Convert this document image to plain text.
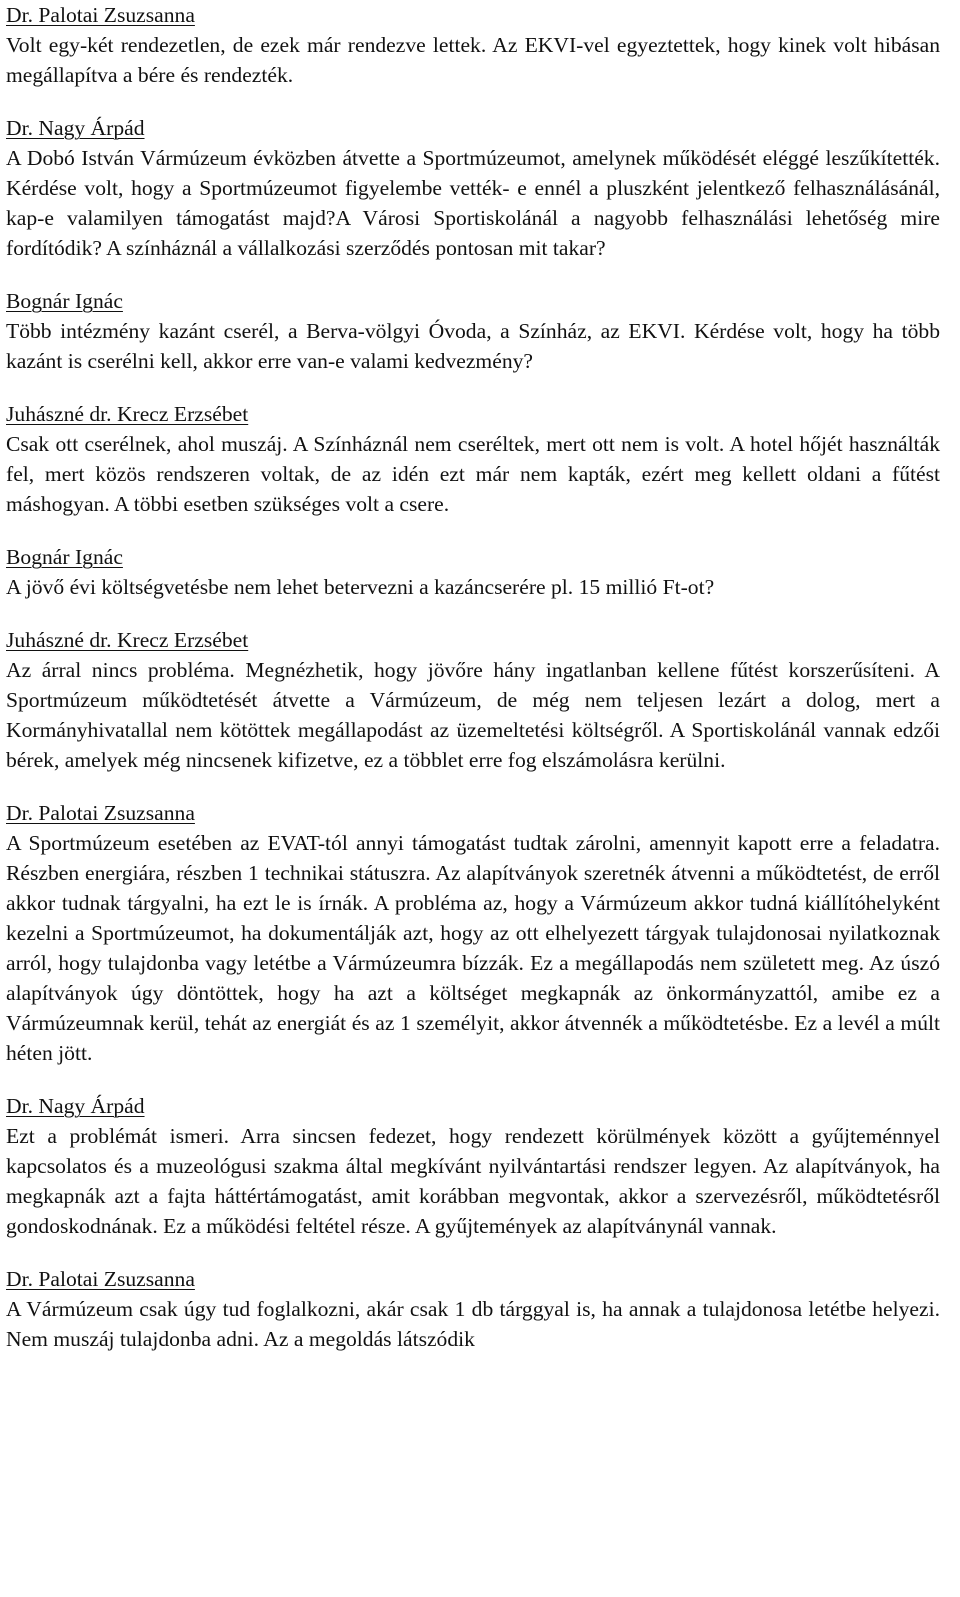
Dr. Palotai Zsuzsanna
Volt egy-két rendezetlen, de ezek már rendezve lettek. Az EKVI-vel egyeztettek, hogy kinek volt hibásan megállapítva a bére és rendezték.
Dr. Nagy Árpád
A Dobó István Vármúzeum évközben átvette a Sportmúzeumot, amelynek működését eléggé leszűkítették. Kérdése volt, hogy a Sportmúzeumot figyelembe vették- e ennél a pluszként jelentkező felhasználásánál, kap-e valamilyen támogatást majd?A Városi Sportiskolánál a nagyobb felhasználási lehetőség mire fordítódik? A színháznál a vállalkozási szerződés pontosan mit takar?
Bognár Ignác
Több intézmény kazánt cserél, a Berva-völgyi Óvoda, a Színház, az EKVI. Kérdése volt, hogy ha több kazánt is cserélni kell, akkor erre van-e valami kedvezmény?
Juhászné dr. Krecz Erzsébet
Csak ott cserélnek, ahol muszáj. A Színháznál nem cseréltek, mert ott nem is volt. A hotel hőjét használták fel, mert közös rendszeren voltak, de az idén ezt már nem kapták, ezért meg kellett oldani a fűtést máshogyan. A többi esetben szükséges volt a csere.
Bognár Ignác
A jövő évi költségvetésbe nem lehet betervezni a kazáncserére pl. 15 millió Ft-ot?
Juhászné dr. Krecz Erzsébet
Az árral nincs probléma. Megnézhetik, hogy jövőre hány ingatlanban kellene fűtést korszerűsíteni. A Sportmúzeum működtetését átvette a Vármúzeum, de még nem teljesen lezárt a dolog, mert a Kormányhivatallal nem kötöttek megállapodást az üzemeltetési költségről. A Sportiskolánál vannak edzői bérek, amelyek még nincsenek kifizetve, ez a többlet erre fog elszámolásra kerülni.
Dr. Palotai Zsuzsanna
A Sportmúzeum esetében az EVAT-tól annyi támogatást tudtak zárolni, amennyit kapott erre a feladatra. Részben energiára, részben 1 technikai státuszra. Az alapítványok szeretnék átvenni a működtetést, de erről akkor tudnak tárgyalni, ha ezt le is írnák. A probléma az, hogy a Vármúzeum akkor tudná kiállítóhelyként kezelni a Sportmúzeumot, ha dokumentálják azt, hogy az ott elhelyezett tárgyak tulajdonosai nyilatkoznak arról, hogy tulajdonba vagy letétbe a Vármúzeumra bízzák. Ez a megállapodás nem született meg. Az úszó alapítványok úgy döntöttek, hogy ha azt a költséget megkapnák az önkormányzattól, amibe ez a Vármúzeumnak kerül, tehát az energiát és az 1 személyit, akkor átvennék a működtetésbe. Ez a levél a múlt héten jött.
Dr. Nagy Árpád
Ezt a problémát ismeri. Arra sincsen fedezet, hogy rendezett körülmények között a gyűjteménnyel kapcsolatos és a muzeológusi szakma által megkívánt nyilvántartási rendszer legyen. Az alapítványok, ha megkapnák azt a fajta háttértámogatást, amit korábban megvontak, akkor a szervezésről, működtetésről gondoskodnának. Ez a működési feltétel része. A gyűjtemények az alapítványnál vannak.
Dr. Palotai Zsuzsanna
A Vármúzeum csak úgy tud foglalkozni, akár csak 1 db tárggyal is, ha annak a tulajdonosa letétbe helyezi. Nem muszáj tulajdonba adni. Az a megoldás látszódik
